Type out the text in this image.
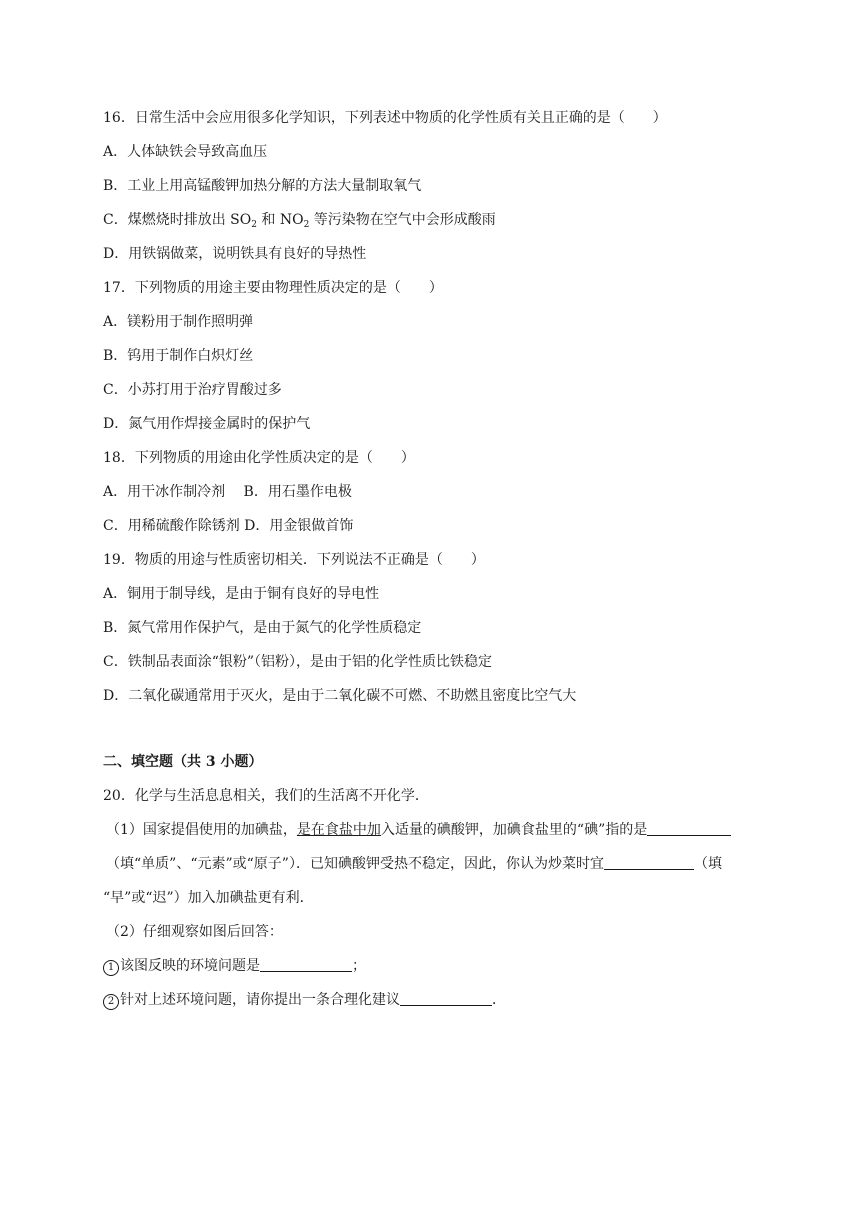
16．日常生活中会应用很多化学知识，下列表述中物质的化学性质有关且正确的是（　　）
A．人体缺铁会导致高血压
B．工业上用高锰酸钾加热分解的方法大量制取氧气
C．煤燃烧时排放出 $SO_2$ 和 $NO_2$ 等污染物在空气中会形成酸雨
D．用铁锅做菜，说明铁具有良好的导热性
17．下列物质的用途主要由物理性质决定的是（　　）
A．镁粉用于制作照明弹
B．钨用于制作白炽灯丝
C．小苏打用于治疗胃酸过多
D．氮气用作焊接金属时的保护气
18．下列物质的用途由化学性质决定的是（　　）
A．用干冰作制冷剂　 B．用石墨作电极
C．用稀硫酸作除锈剂 D．用金银做首饰
19．物质的用途与性质密切相关．下列说法不正确是（　　）
A．铜用于制导线，是由于铜有良好的导电性
B．氮气常用作保护气，是由于氮气的化学性质稳定
C．铁制品表面涂“银粉”（铝粉），是由于铝的化学性质比铁稳定
D．二氧化碳通常用于灭火，是由于二氧化碳不可燃、不助燃且密度比空气大
二、填空题（共 3 小题）
20．化学与生活息息相关，我们的生活离不开化学．
（1）国家提倡使用的加碘盐，是在食盐中加入适量的碘酸钾，加碘食盐里的“碘”指的是
（填“单质”、“元素”或“原子”）．已知碘酸钾受热不稳定，因此，你认为炒菜时宜	（填
“早”或“迟”）加入加碘盐更有利．
（2）仔细观察如图后回答：
1 该图反映的环境问题是	；
2 针对上述环境问题，请你提出一条合理化建议	．
